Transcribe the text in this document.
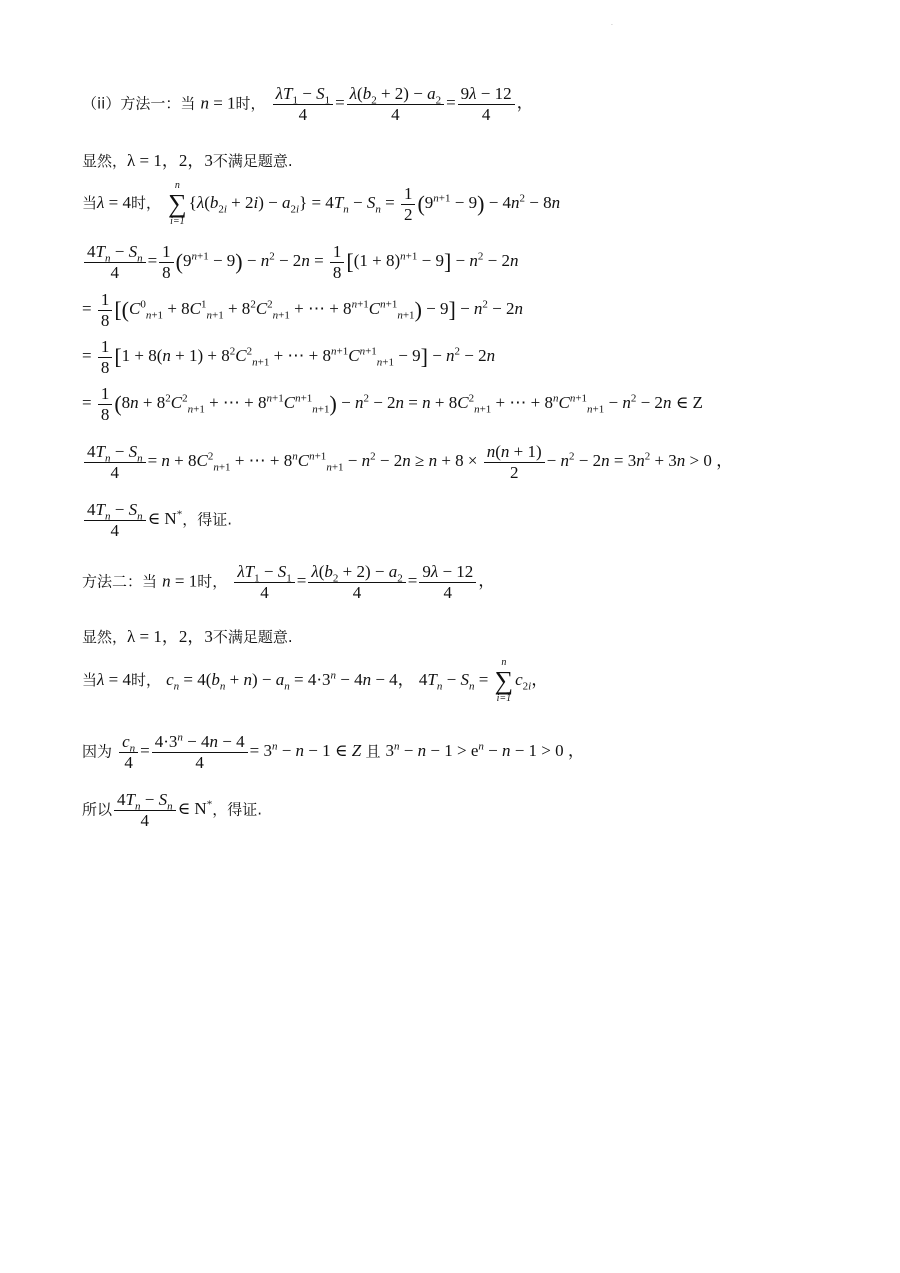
.
（ii）方法一：当 n = 1时， $\frac{\lambda T_1 - S_1}{4} = \frac{\lambda(b_2 + 2) - a_2}{4} = \frac{9\lambda - 12}{4}$ ，
显然，λ = 1，2，3不满足题意.
当λ = 4时，
n
∑
i=1
$\{\lambda(b_{2i} + 2i) - a_{2i}\} = 4T_n - S_n = \frac{1}{2} (9^{n+1} - 9) - 4n^2 - 8n$
$\frac{4T_n - S_n}{4} = \frac{1}{8} (9^{n+1} - 9) - n^2 - 2n = \frac{1}{8} [(1 + 8)^{n+1} - 9] - n^2 - 2n$
= $\frac{1}{8} [(C^0_{n+1} + 8C^1_{n+1} + 8^2C^2_{n+1}$ + ⋯ + $8^{n+1}C^{n+1}_{n+1}) - 9] - n^2 - 2n$
= $\frac{1}{8} [1 + 8(n + 1) + 8^2C^2_{n+1}$ + ⋯ + $8^{n+1}C^{n+1}_{n+1} - 9] - n^2 - 2n$
= $\frac{1}{8} (8n + 8^2C^2_{n+1}$ + ⋯ + $8^{n+1}C^{n+1}_{n+1}) - n^2 - 2n = n + 8C^2_{n+1}$ + ⋯ + $8^nC^{n+1}_{n+1} - n^2 - 2n$ ∈ Z
$\frac{4T_n - S_n}{4} = n + 8C^2_{n+1}$ + ⋯ + $8^nC^{n+1}_{n+1} - n^2 - 2n \ge n + 8 \times \frac{n(n + 1)}{2} - n^2 - 2n = 3n^2 + 3n > 0$ ，
$\frac{4T_n - S_n}{4}$ ∈ N*，得证.
方法二：当 n = 1时， $\frac{\lambda T_1 - S_1}{4} = \frac{\lambda(b_2 + 2) - a_2}{4} = \frac{9\lambda - 12}{4}$ ，
显然，λ = 1，2，3不满足题意.
当λ = 4时， $c_n = 4(b_n + n) - a_n = 4\cdot 3^n - 4n - 4$， $4T_n - S_n$ =
n
∑
i=1
$c_{2i}$，
因为 $\frac{c_n}{4} = \frac{4\cdot 3^n - 4n - 4}{4} = 3^n - n - 1$ ∈ Z 且 $3^n - n - 1 > e^n - n - 1 > 0$ ，
所以 $\frac{4T_n - S_n}{4}$ ∈ N*，得证.
